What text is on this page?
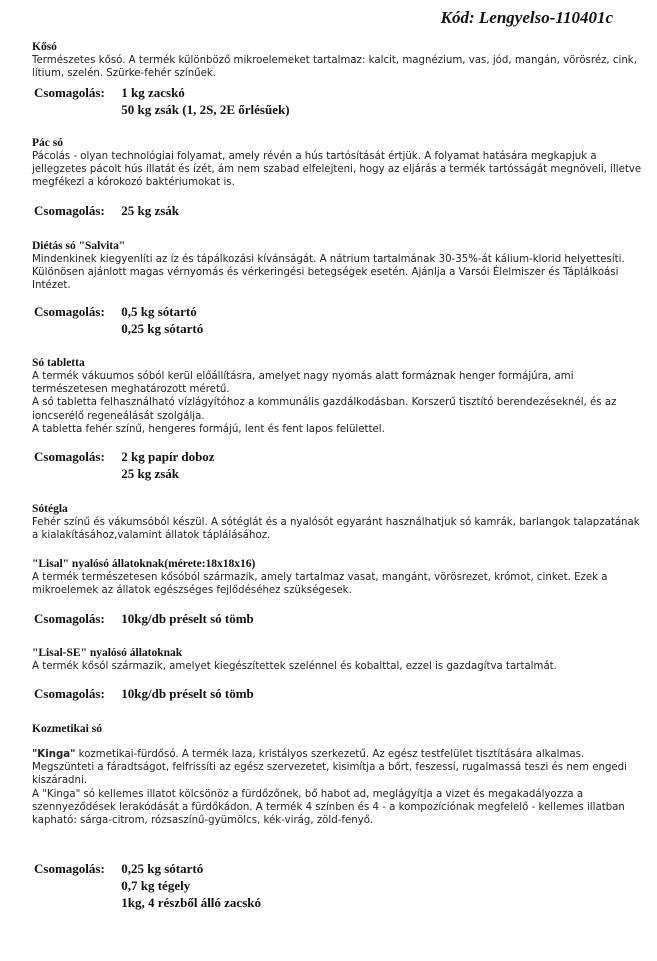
Kód: Lengyelso-110401c
Kősó

Természetes kősó. A termék különböző mikroelemeket tartalmaz: kalcit, magnézium, vas, jód, mangán, vörösréz, cink, lítium, szelén. Szürke-fehér színűek.

Csomagolás: 1 kg zacskó
50 kg zsák (1, 2S, 2E őrlésűek)
Pác só

Pácolás - olyan technológiai folyamat, amely révén a hús tartósítását értjük. A folyamat hatására megkapjuk a jellegzetes pácolt hús illatát és ízét, ám nem szabad elfelejteni, hogy az eljárás a termék tartósságát megnöveli, illetve megfékezi a kórokozó baktériumokat is.

Csomagolás: 25 kg zsák
Diétás só "Salvita"

Mindenkinek kiegyenlíti az íz és tápálkozási kívánságát. A nátrium tartalmának 30-35%-át kálium-klorid helyettesíti. Különösen ajánlott magas vérnyomás és vérkeringési betegségek esetén. Ajánlja a Varsói Élelmiszer és Táplálkoási Intézet.

Csomagolás: 0,5 kg sótartó
0,25 kg sótartó
Só tabletta

A termék vákuumos sóból kerül előállításra, amelyet nagy nyomás alatt formáznak henger formájúra, ami természetesen meghatározott méretű.

A só tabletta felhasználható vízlágyítóhoz a kommunális gazdálkodásban. Korszerű tisztító berendezéseknél, és az ioncserélő regeneálását szolgálja.

A tabletta fehér színű, hengeres formájú, lent és fent lapos felülettel.

Csomagolás: 2 kg papír doboz
25 kg zsák
Sótégla

Fehér színű és vákumsóból készül. A sótéglát és a nyalósót egyaránt használhatjuk só kamrák, barlangok talapzatának a kialakításához,valamint állatok táplálásához.

"Lisal" nyalósó állatoknak(mérete:18x18x16)

A termék természetesen kősóból származik, amely tartalmaz vasat, mangánt, vörösrezet, krómot, cinket. Ezek a mikroelemek az állatok egészséges fejlődéséhez szükségesek.

Csomagolás: 10kg/db préselt só tömb
"Lisal-SE" nyalósó állatoknak

A termék kősól származik, amelyet kiegészítettek szelénnel és kobalttal, ezzel is gazdagítva tartalmát.

Csomagolás: 10kg/db préselt só tömb
Kozmetikai só

"Kinga" kozmetikai-fürdősó. A termék laza, kristályos szerkezetű. Az egész testfelület tisztítására alkalmas. Megszünteti a fáradtságot, felfrissíti az egész szervezetet, kisimítja a bőrt, feszessí, rugalmassá teszi és nem engedi kiszáradni.

A "Kinga" só kellemes illatot kölcsönöz a fürdőzőnek, bő habot ad, meglágyítja a vizet és megakadályozza a szennyeződések lerakódását a fürdőkádon. A termék 4 színben és 4 - a kompozíciónak megfelelő - kellemes illatban kapható: sárga-citrom, rózsaszínű-gyümölcs, kék-virág, zöld-fenyő.

Csomagolás: 0,25 kg sótartó
0,7 kg tégely
1kg, 4 részből álló zacskó
